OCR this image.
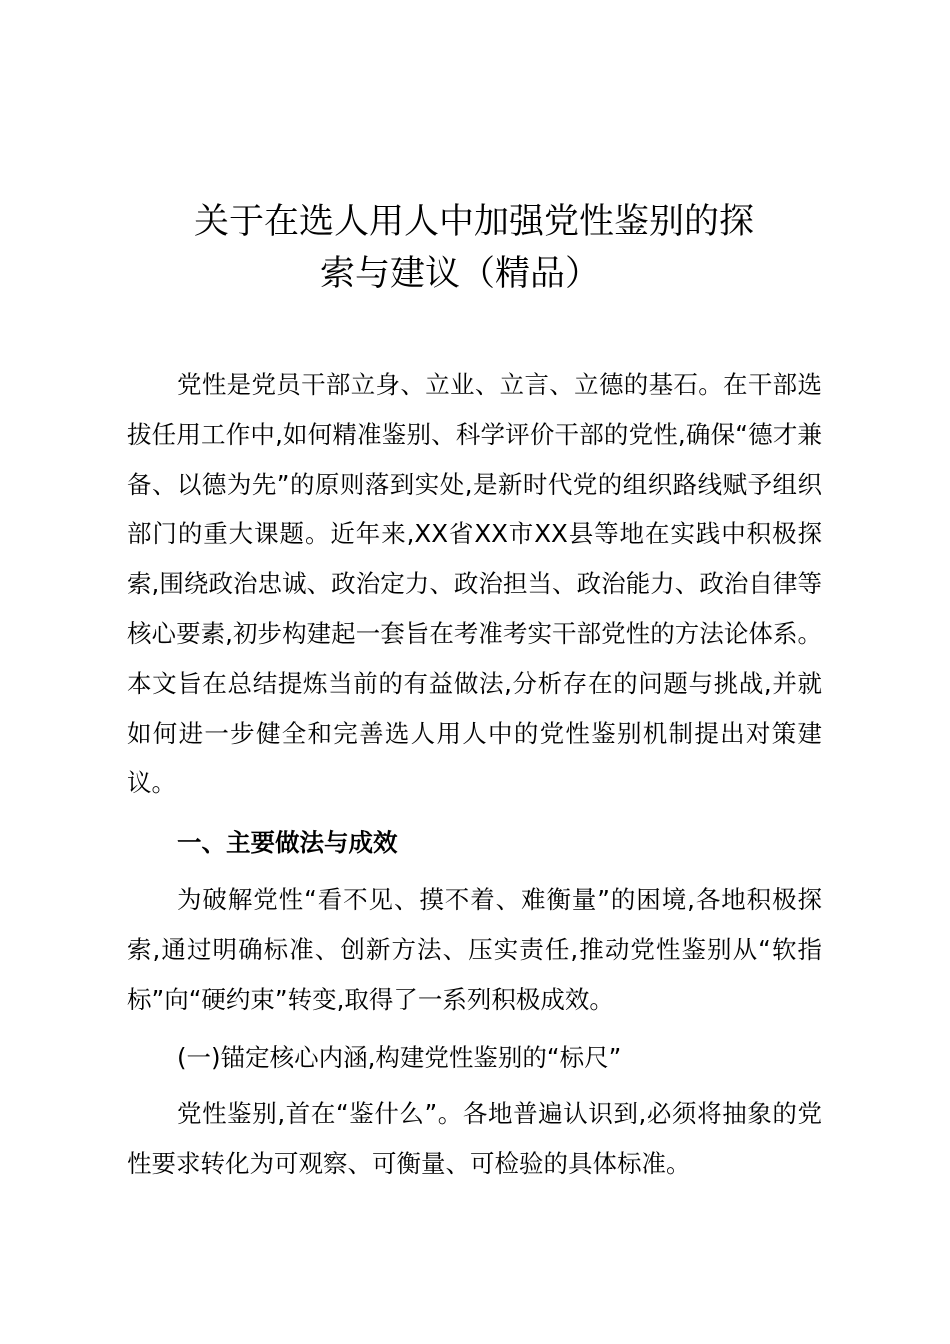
关于在选人用人中加强党性鉴别的探
索与建议（精品）

党性是党员干部立身、立业、立言、立德的基石。在干部选拔任用工作中,如何精准鉴别、科学评价干部的党性,确保“德才兼备、以德为先”的原则落到实处,是新时代党的组织路线赋予组织部门的重大课题。近年来,XX省XX市XX县等地在实践中积极探索,围绕政治忠诚、政治定力、政治担当、政治能力、政治自律等核心要素,初步构建起一套旨在考准考实干部党性的方法论体系。本文旨在总结提炼当前的有益做法,分析存在的问题与挑战,并就如何进一步健全和完善选人用人中的党性鉴别机制提出对策建议。

一、主要做法与成效

为破解党性“看不见、摸不着、难衡量”的困境,各地积极探索,通过明确标准、创新方法、压实责任,推动党性鉴别从“软指标”向“硬约束”转变,取得了一系列积极成效。

(一)锚定核心内涵,构建党性鉴别的“标尺”

党性鉴别,首在“鉴什么”。各地普遍认识到,必须将抽象的党性要求转化为可观察、可衡量、可检验的具体标准。
